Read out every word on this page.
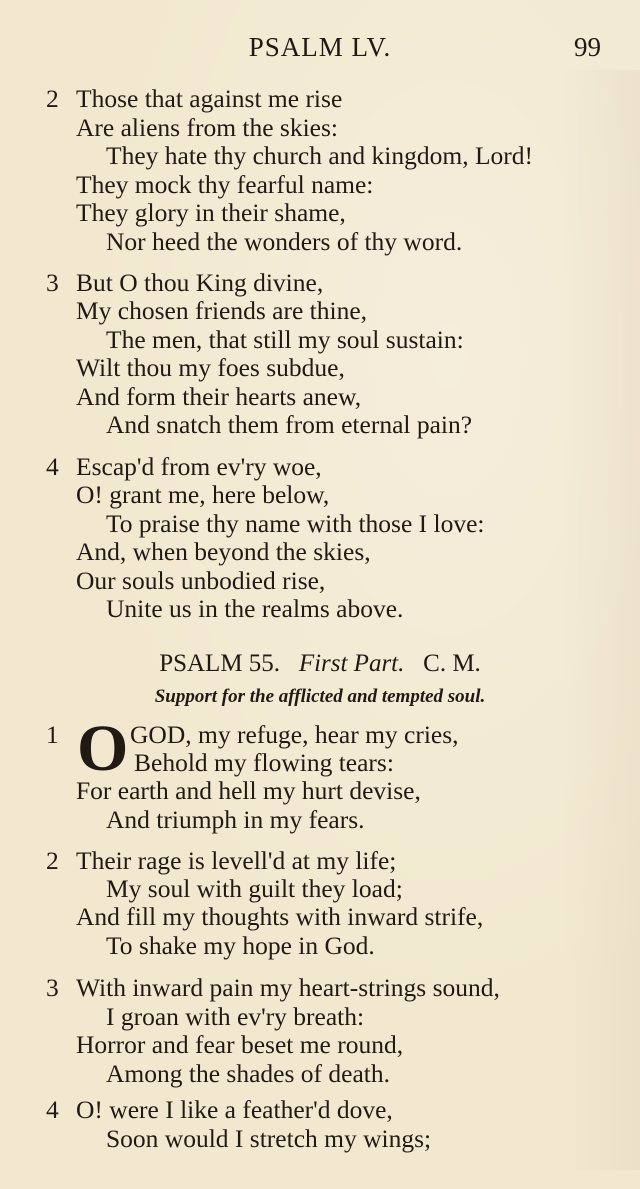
PSALM LV.	99
2 Those that against me rise
Are aliens from the skies:
They hate thy church and kingdom, Lord!
They mock thy fearful name:
They glory in their shame,
Nor heed the wonders of thy word.
3 But O thou King divine,
My chosen friends are thine,
The men, that still my soul sustain:
Wilt thou my foes subdue,
And form their hearts anew,
And snatch them from eternal pain?
4 Escap'd from ev'ry woe,
O! grant me, here below,
To praise thy name with those I love:
And, when beyond the skies,
Our souls unbodied rise,
Unite us in the realms above.
PSALM 55. First Part. C. M.
Support for the afflicted and tempted soul.
1 O GOD, my refuge, hear my cries,
Behold my flowing tears:
For earth and hell my hurt devise,
And triumph in my fears.
2 Their rage is levell'd at my life;
My soul with guilt they load;
And fill my thoughts with inward strife,
To shake my hope in God.
3 With inward pain my heart-strings sound,
I groan with ev'ry breath:
Horror and fear beset me round,
Among the shades of death.
4 O! were I like a feather'd dove,
Soon would I stretch my wings;
